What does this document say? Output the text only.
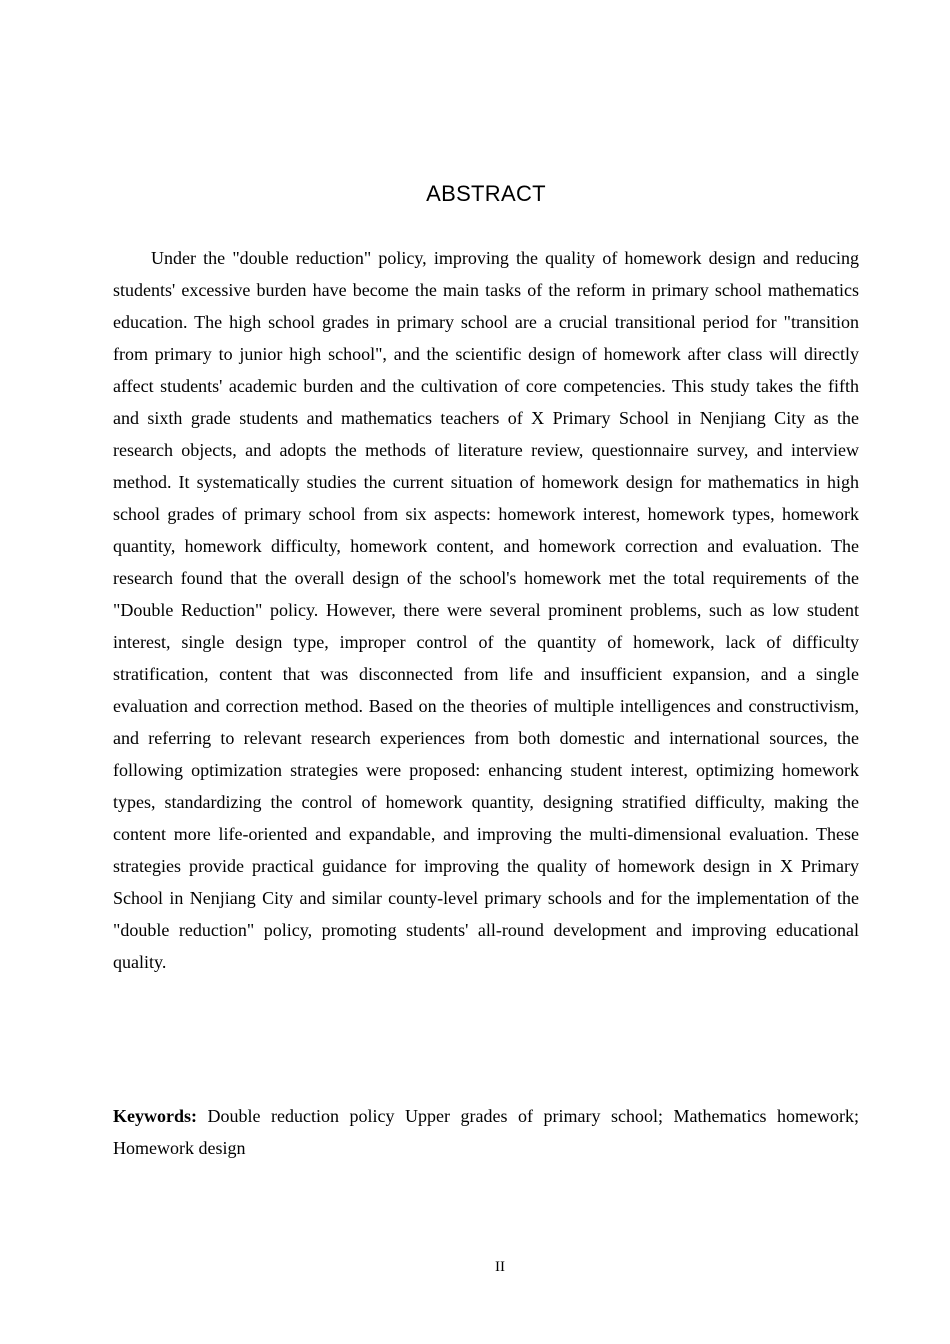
ABSTRACT

Under the "double reduction" policy, improving the quality of homework design and reducing students' excessive burden have become the main tasks of the reform in primary school mathematics education. The high school grades in primary school are a crucial transitional period for "transition from primary to junior high school", and the scientific design of homework after class will directly affect students' academic burden and the cultivation of core competencies. This study takes the fifth and sixth grade students and mathematics teachers of X Primary School in Nenjiang City as the research objects, and adopts the methods of literature review, questionnaire survey, and interview method. It systematically studies the current situation of homework design for mathematics in high school grades of primary school from six aspects: homework interest, homework types, homework quantity, homework difficulty, homework content, and homework correction and evaluation. The research found that the overall design of the school's homework met the total requirements of the "Double Reduction" policy. However, there were several prominent problems, such as low student interest, single design type, improper control of the quantity of homework, lack of difficulty stratification, content that was disconnected from life and insufficient expansion, and a single evaluation and correction method. Based on the theories of multiple intelligences and constructivism, and referring to relevant research experiences from both domestic and international sources, the following optimization strategies were proposed: enhancing student interest, optimizing homework types, standardizing the control of homework quantity, designing stratified difficulty, making the content more life-oriented and expandable, and improving the multi-dimensional evaluation. These strategies provide practical guidance for improving the quality of homework design in X Primary School in Nenjiang City and similar county-level primary schools and for the implementation of the "double reduction" policy, promoting students' all-round development and improving educational quality.

Keywords: Double reduction policy Upper grades of primary school; Mathematics homework; Homework design

II
